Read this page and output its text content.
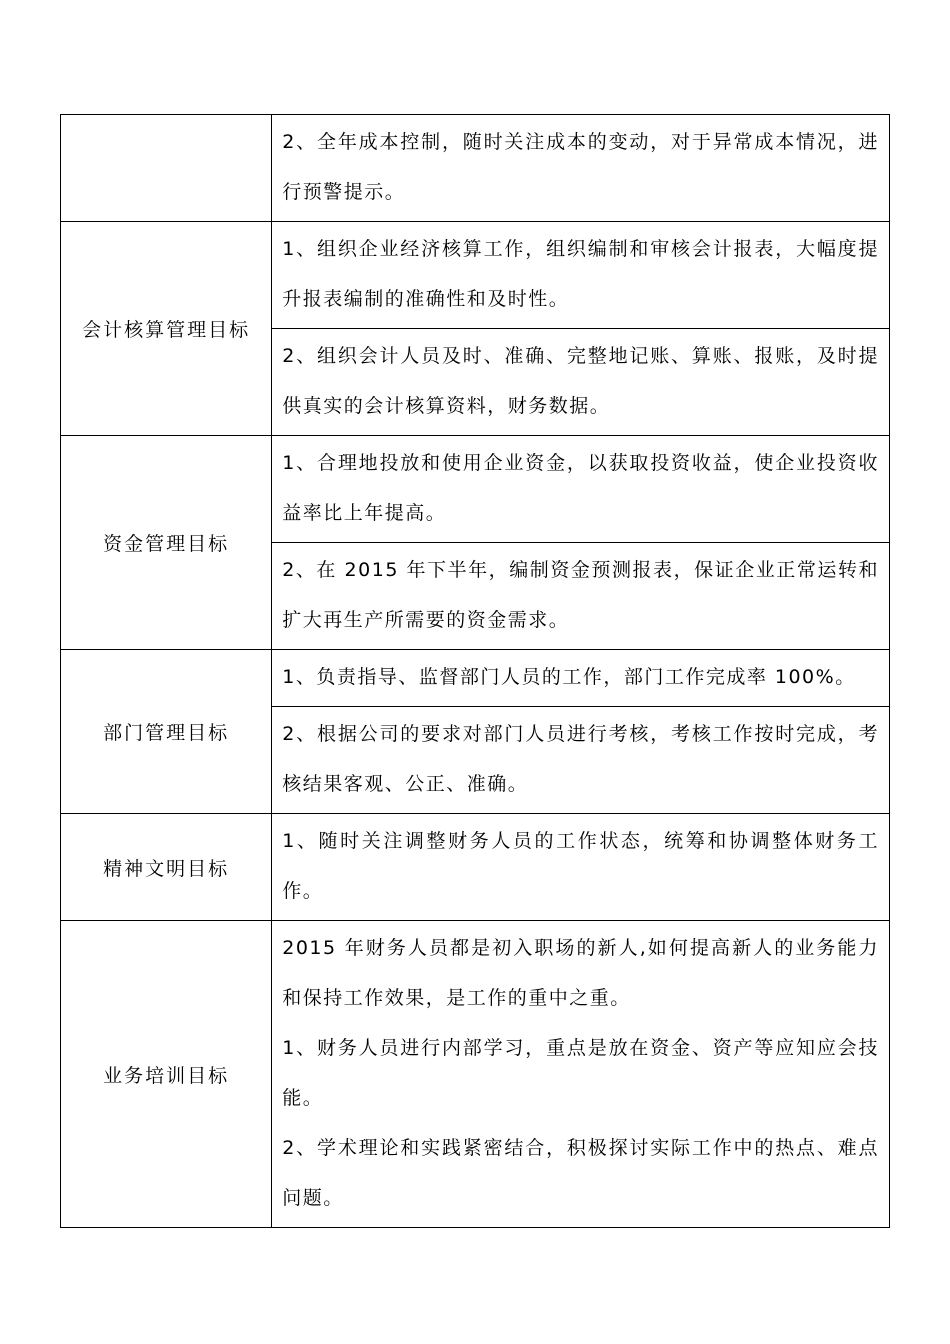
	2、全年成本控制，随时关注成本的变动，对于异常成本情况，进行预警提示。

会计核算管理目标	1、组织企业经济核算工作，组织编制和审核会计报表，大幅度提升报表编制的准确性和及时性。

	2、组织会计人员及时、准确、完整地记账、算账、报账，及时提供真实的会计核算资料，财务数据。

资金管理目标	1、合理地投放和使用企业资金，以获取投资收益，使企业投资收益率比上年提高。

	2、在 2015 年下半年，编制资金预测报表，保证企业正常运转和扩大再生产所需要的资金需求。

部门管理目标	1、负责指导、监督部门人员的工作，部门工作完成率 100%。

	2、根据公司的要求对部门人员进行考核，考核工作按时完成，考核结果客观、公正、准确。

精神文明目标	1、随时关注调整财务人员的工作状态，统筹和协调整体财务工作。

业务培训目标	2015 年财务人员都是初入职场的新人,如何提高新人的业务能力和保持工作效果，是工作的重中之重。

1、财务人员进行内部学习，重点是放在资金、资产等应知应会技能。

2、学术理论和实践紧密结合，积极探讨实际工作中的热点、难点问题。
